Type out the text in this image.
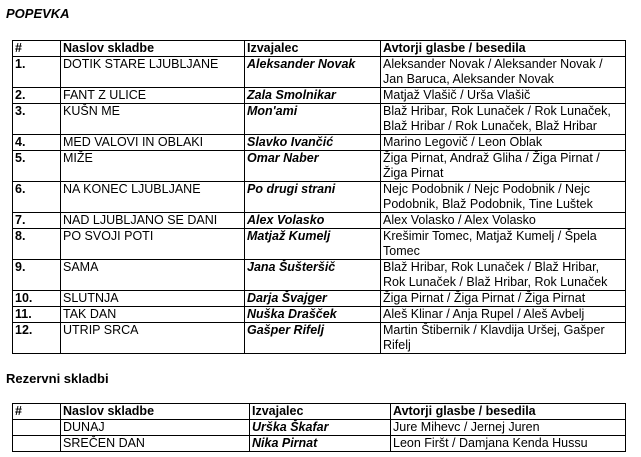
POPEVKA
#	Naslov skladbe	Izvajalec	Avtorji glasbe / besedila
1.	DOTIK STARE LJUBLJANE	Aleksander Novak	Aleksander Novak / Aleksander Novak / Jan Baruca, Aleksander Novak
2.	FANT Z ULICE	Zala Smolnikar	Matjaž Vlašič / Urša Vlašič
3.	KUŠN ME	Mon'ami	Blaž Hribar, Rok Lunaček / Rok Lunaček, Blaž Hribar / Rok Lunaček, Blaž Hribar
4.	MED VALOVI IN OBLAKI	Slavko Ivančić	Marino Legovič / Leon Oblak
5.	MIŽE	Omar Naber	Žiga Pirnat, Andraž Gliha / Žiga Pirnat / Žiga Pirnat
6.	NA KONEC LJUBLJANE	Po drugi strani	Nejc Podobnik / Nejc Podobnik / Nejc Podobnik, Blaž Podobnik, Tine Luštek
7.	NAD LJUBLJANO SE DANI	Alex Volasko	Alex Volasko / Alex Volasko
8.	PO SVOJI POTI	Matjaž Kumelj	Krešimir Tomec, Matjaž Kumelj / Špela Tomec
9.	SAMA	Jana Šušteršič	Blaž Hribar, Rok Lunaček / Blaž Hribar, Rok Lunaček / Blaž Hribar, Rok Lunaček
10.	SLUTNJA	Darja Švajger	Žiga Pirnat / Žiga Pirnat / Žiga Pirnat
11.	TAK DAN	Nuška Drašček	Aleš Klinar / Anja Rupel / Aleš Avbelj
12.	UTRIP SRCA	Gašper Rifelj	Martin Štibernik / Klavdija Uršej, Gašper Rifelj
Rezervni skladbi
#	Naslov skladbe	Izvajalec	Avtorji glasbe / besedila
	DUNAJ	Urška Škafar	Jure Mihevc / Jernej Juren
	SREČEN DAN	Nika Pirnat	Leon Firšt / Damjana Kenda Hussu
